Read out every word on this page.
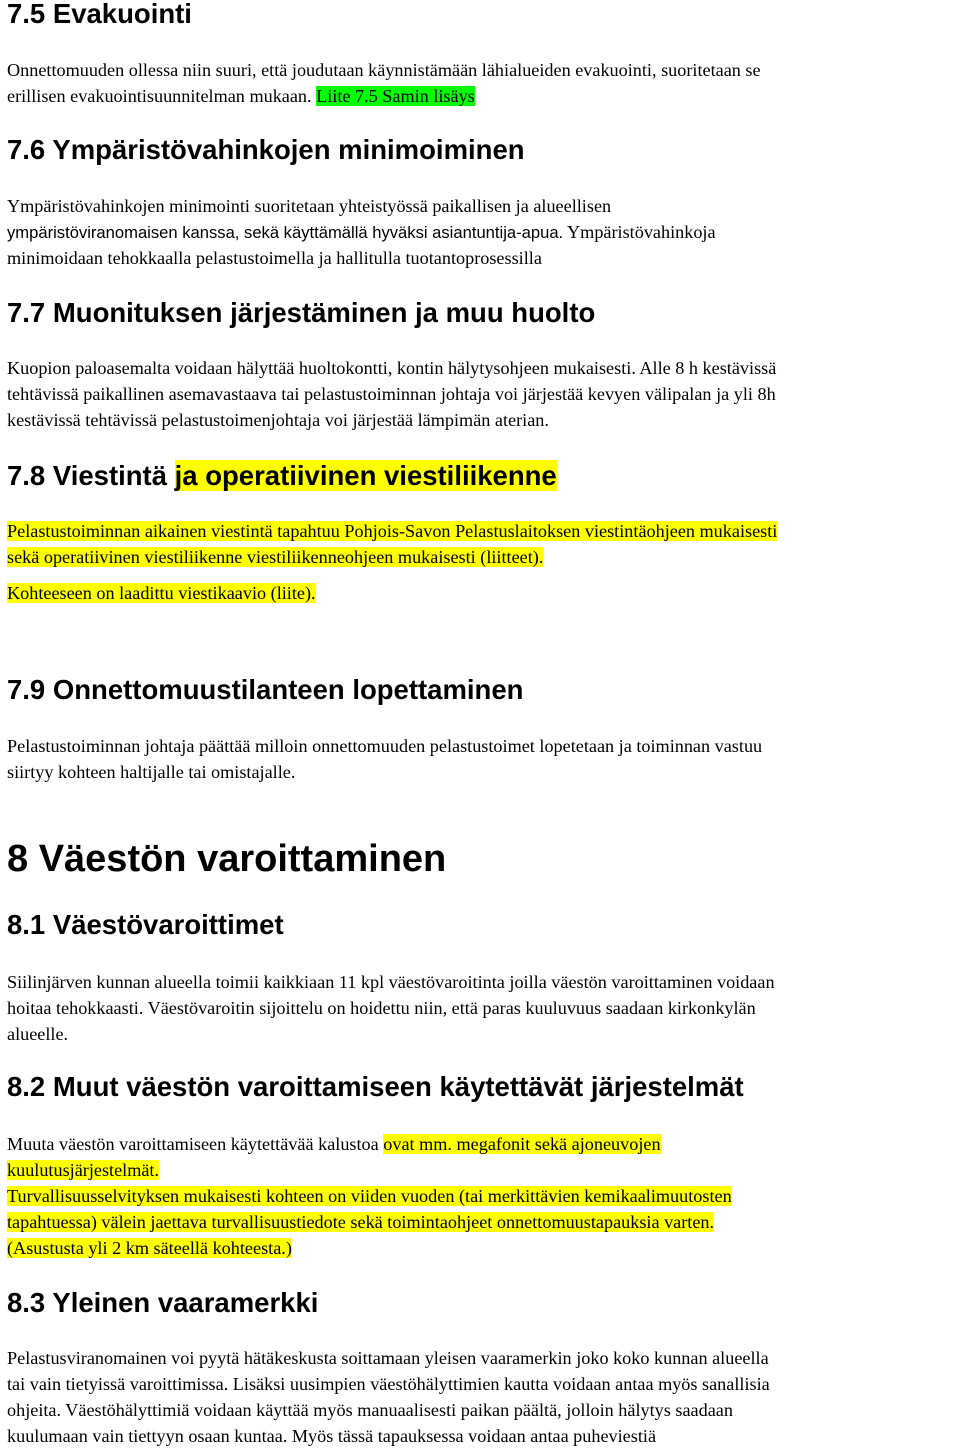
7.5 Evakuointi
Onnettomuuden ollessa niin suuri, että joudutaan käynnistämään lähialueiden evakuointi, suoritetaan se
erillisen evakuointisuunnitelman mukaan. Liite 7.5 Samin lisäys
7.6 Ympäristövahinkojen minimoiminen
Ympäristövahinkojen minimointi suoritetaan yhteistyössä paikallisen ja alueellisen
ympäristöviranomaisen kanssa, sekä käyttämällä hyväksi asiantuntija-apua. Ympäristövahinkoja
minimoidaan tehokkaalla pelastustoimella ja hallitulla tuotantoprosessilla
7.7 Muonituksen järjestäminen ja muu huolto
Kuopion paloasemalta voidaan hälyttää huoltokontti, kontin hälytysohjeen mukaisesti. Alle 8 h kestävissä
tehtävissä paikallinen asemavastaava tai pelastustoiminnan johtaja voi järjestää kevyen välipalan ja yli 8h
kestävissä tehtävissä pelastustoimenjohtaja voi järjestää lämpimän aterian.
7.8 Viestintä ja operatiivinen viestiliikenne
Pelastustoiminnan aikainen viestintä tapahtuu Pohjois-Savon Pelastuslaitoksen viestintäohjeen mukaisesti
sekä operatiivinen viestiliikenne viestiliikenneohjeen mukaisesti (liitteet).
Kohteeseen on laadittu viestikaavio (liite).
7.9 Onnettomuustilanteen lopettaminen
Pelastustoiminnan johtaja päättää milloin onnettomuuden pelastustoimet lopetetaan ja toiminnan vastuu
siirtyy kohteen haltijalle tai omistajalle.
8 Väestön varoittaminen
8.1 Väestövaroittimet
Siilinjärven kunnan alueella toimii kaikkiaan 11 kpl väestövaroitinta joilla väestön varoittaminen voidaan
hoitaa tehokkaasti. Väestövaroitin sijoittelu on hoidettu niin, että paras kuuluvuus saadaan kirkonkylän
alueelle.
8.2 Muut väestön varoittamiseen käytettävät järjestelmät
Muuta väestön varoittamiseen käytettävää kalustoa ovat mm. megafonit sekä ajoneuvojen
kuulutusjärjestelmät.
Turvallisuusselvityksen mukaisesti kohteen on viiden vuoden (tai merkittävien kemikaalimuutosten
tapahtuessa) välein jaettava turvallisuustiedote sekä toimintaohjeet onnettomuustapauksia varten.
(Asustusta yli 2 km säteellä kohteesta.)
8.3 Yleinen vaaramerkki
Pelastusviranomainen voi pyytä hätäkeskusta soittamaan yleisen vaaramerkin joko koko kunnan alueella
tai vain tietyissä varoittimissa. Lisäksi uusimpien väestöhälyttimien kautta voidaan antaa myös sanallisia
ohjeita. Väestöhälyttimiä voidaan käyttää myös manuaalisesti paikan päältä, jolloin hälytys saadaan
kuulumaan vain tiettyyn osaan kuntaa. Myös tässä tapauksessa voidaan antaa puheviestiä
